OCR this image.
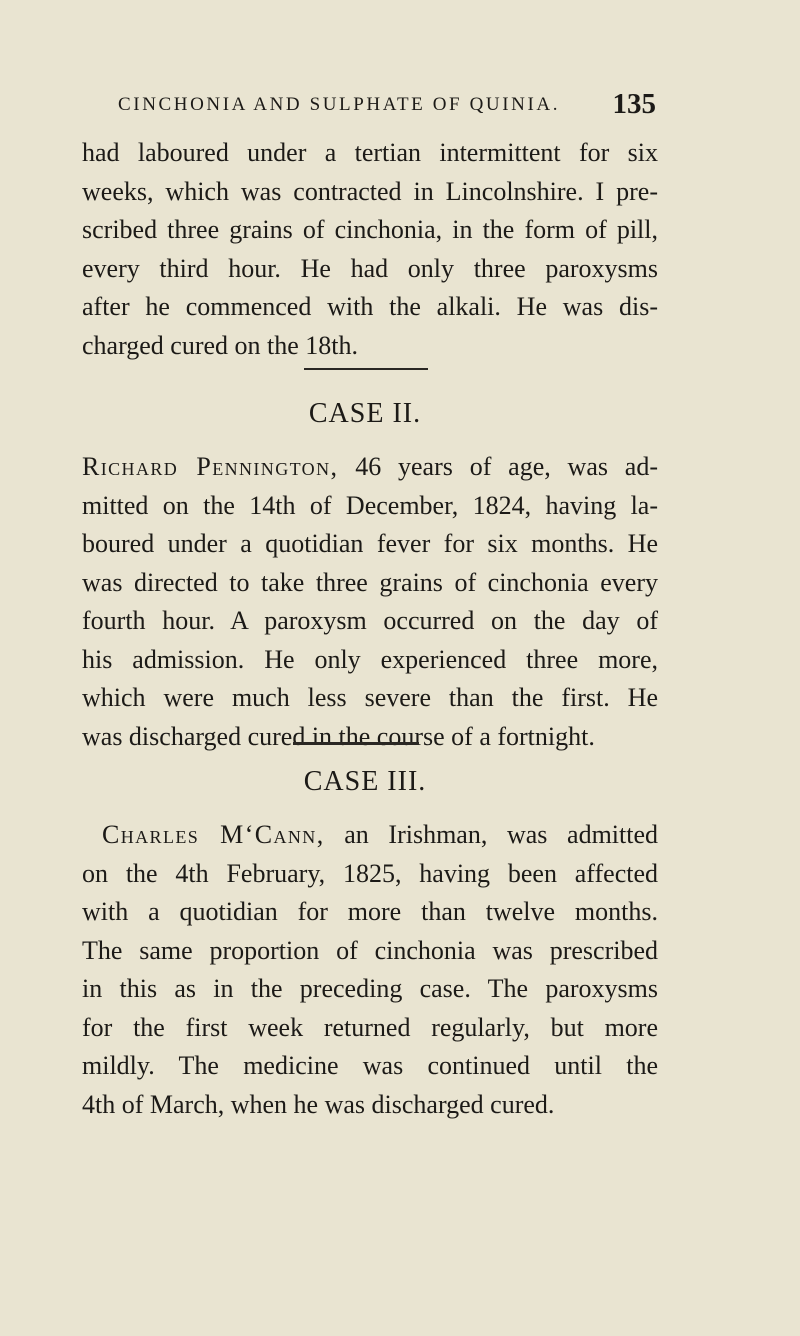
CINCHONIA AND SULPHATE OF QUINIA. 135
had laboured under a tertian intermittent for six
weeks, which was contracted in Lincolnshire. I pre-
scribed three grains of cinchonia, in the form of pill,
every third hour. He had only three paroxysms
after he commenced with the alkali. He was dis-
charged cured on the 18th.
CASE II.
Richard Pennington, 46 years of age, was ad-
mitted on the 14th of December, 1824, having la-
boured under a quotidian fever for six months. He
was directed to take three grains of cinchonia every
fourth hour. A paroxysm occurred on the day of
his admission. He only experienced three more,
which were much less severe than the first. He
was discharged cured in the course of a fortnight.
CASE III.
Charles M‘Cann, an Irishman, was admitted
on the 4th February, 1825, having been affected
with a quotidian for more than twelve months.
The same proportion of cinchonia was prescribed
in this as in the preceding case. The paroxysms
for the first week returned regularly, but more
mildly. The medicine was continued until the
4th of March, when he was discharged cured.
